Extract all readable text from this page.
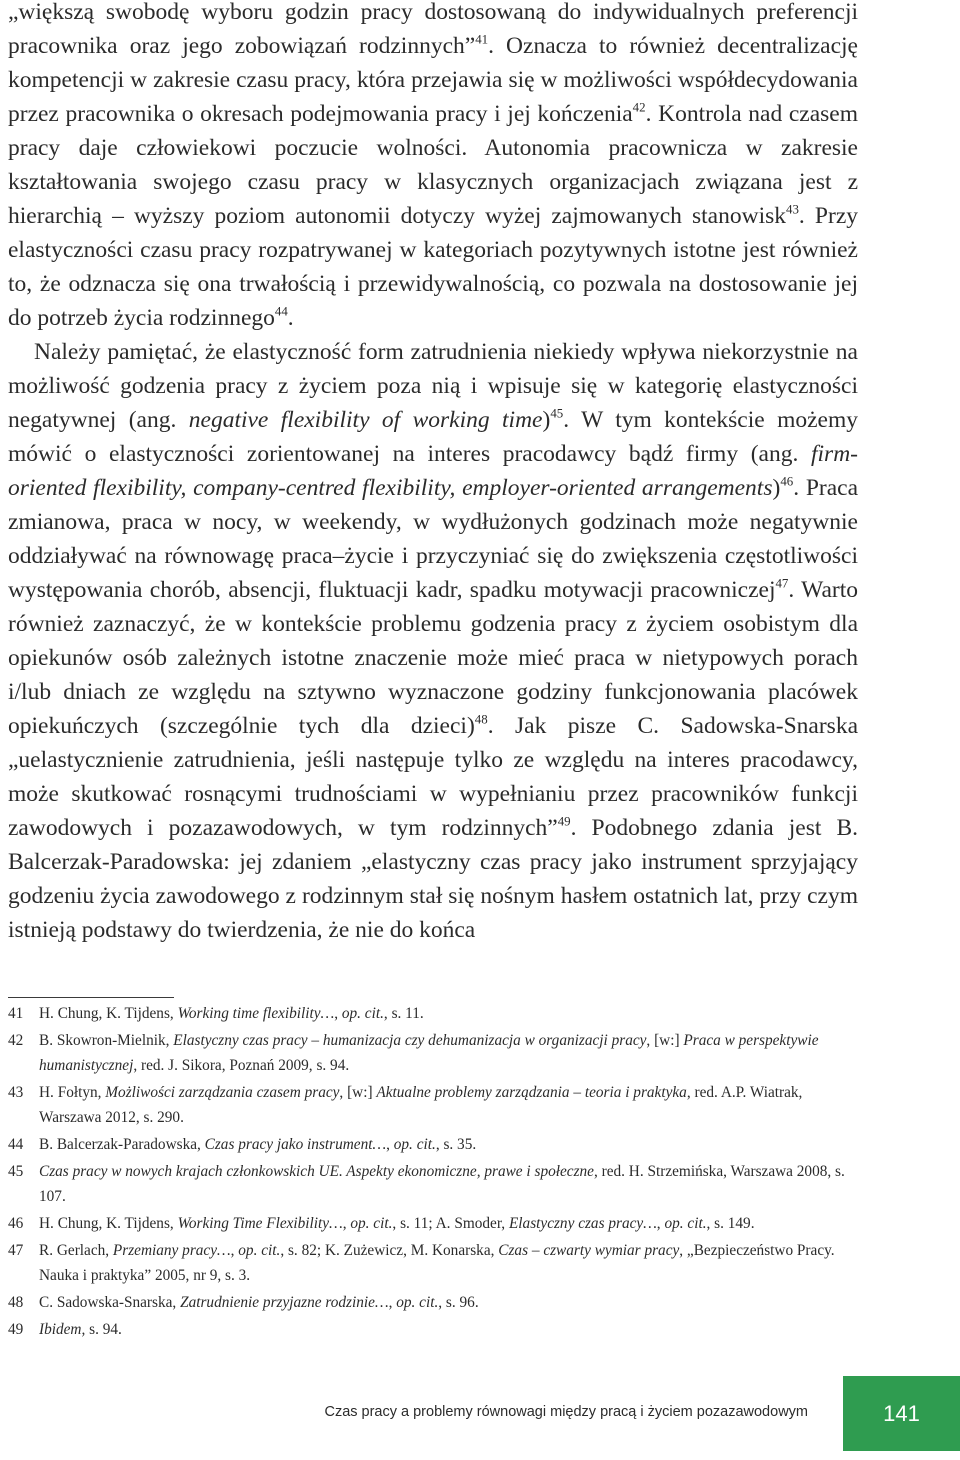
„większą swobodę wyboru godzin pracy dostosowaną do indywidualnych preferencji pracownika oraz jego zobowiązań rodzinnych”$^{41}$. Oznacza to również decentralizację kompetencji w zakresie czasu pracy, która przejawia się w możliwości współdecydowania przez pracownika o okresach podejmowania pracy i jej kończenia$^{42}$. Kontrola nad czasem pracy daje człowiekowi poczucie wolności. Autonomia pracownicza w zakresie kształtowania swojego czasu pracy w klasycznych organizacjach związana jest z hierarchią – wyższy poziom autonomii dotyczy wyżej zajmowanych stanowisk$^{43}$. Przy elastyczności czasu pracy rozpatrywanej w kategoriach pozytywnych istotne jest również to, że odznacza się ona trwałością i przewidywalnością, co pozwala na dostosowanie jej do potrzeb życia rodzinnego$^{44}$.

Należy pamiętać, że elastyczność form zatrudnienia niekiedy wpływa niekorzystnie na możliwość godzenia pracy z życiem poza nią i wpisuje się w kategorię elastyczności negatywnej (ang. negative flexibility of working time)$^{45}$. W tym kontekście możemy mówić o elastyczności zorientowanej na interes pracodawcy bądź firmy (ang. firm-oriented flexibility, company-centred flexibility, employer-oriented arrangements)$^{46}$. Praca zmianowa, praca w nocy, w weekendy, w wydłużonych godzinach może negatywnie oddziaływać na równowagę praca–życie i przyczyniać się do zwiększenia częstotliwości występowania chorób, absencji, fluktuacji kadr, spadku motywacji pracowniczej$^{47}$. Warto również zaznaczyć, że w kontekście problemu godzenia pracy z życiem osobistym dla opiekunów osób zależnych istotne znaczenie może mieć praca w nietypowych porach i/lub dniach ze względu na sztywno wyznaczone godziny funkcjonowania placówek opiekuńczych (szczególnie tych dla dzieci)$^{48}$. Jak pisze C. Sadowska-Snarska „uelastycznienie zatrudnienia, jeśli następuje tylko ze względu na interes pracodawcy, może skutkować rosnącymi trudnościami w wypełnianiu przez pracowników funkcji zawodowych i pozazawodowych, w tym rodzinnych”$^{49}$. Podobnego zdania jest B. Balcerzak-Paradowska: jej zdaniem „elastyczny czas pracy jako instrument sprzyjający godzeniu życia zawodowego z rodzinnym stał się nośnym hasłem ostatnich lat, przy czym istnieją podstawy do twierdzenia, że nie do końca

41	H. Chung, K. Tijdens, Working time flexibility…, op. cit., s. 11.
42	B. Skowron-Mielnik, Elastyczny czas pracy – humanizacja czy dehumanizacja w organizacji pracy, [w:] Praca w perspektywie humanistycznej, red. J. Sikora, Poznań 2009, s. 94.
43	H. Fołtyn, Możliwości zarządzania czasem pracy, [w:] Aktualne problemy zarządzania – teoria i praktyka, red. A.P. Wiatrak, Warszawa 2012, s. 290.
44	B. Balcerzak-Paradowska, Czas pracy jako instrument…, op. cit., s. 35.
45	Czas pracy w nowych krajach członkowskich UE. Aspekty ekonomiczne, prawe i społeczne, red. H. Strzemińska, Warszawa 2008, s. 107.
46	H. Chung, K. Tijdens, Working Time Flexibility…, op. cit., s. 11; A. Smoder, Elastyczny czas pracy…, op. cit., s. 149.
47	R. Gerlach, Przemiany pracy…, op. cit., s. 82; K. Zużewicz, M. Konarska, Czas – czwarty wymiar pracy, „Bezpieczeństwo Pracy. Nauka i praktyka” 2005, nr 9, s. 3.
48	C. Sadowska-Snarska, Zatrudnienie przyjazne rodzinie…, op. cit., s. 96.
49	Ibidem, s. 94.
Czas pracy a problemy równowagi między pracą i życiem pozazawodowym	141
